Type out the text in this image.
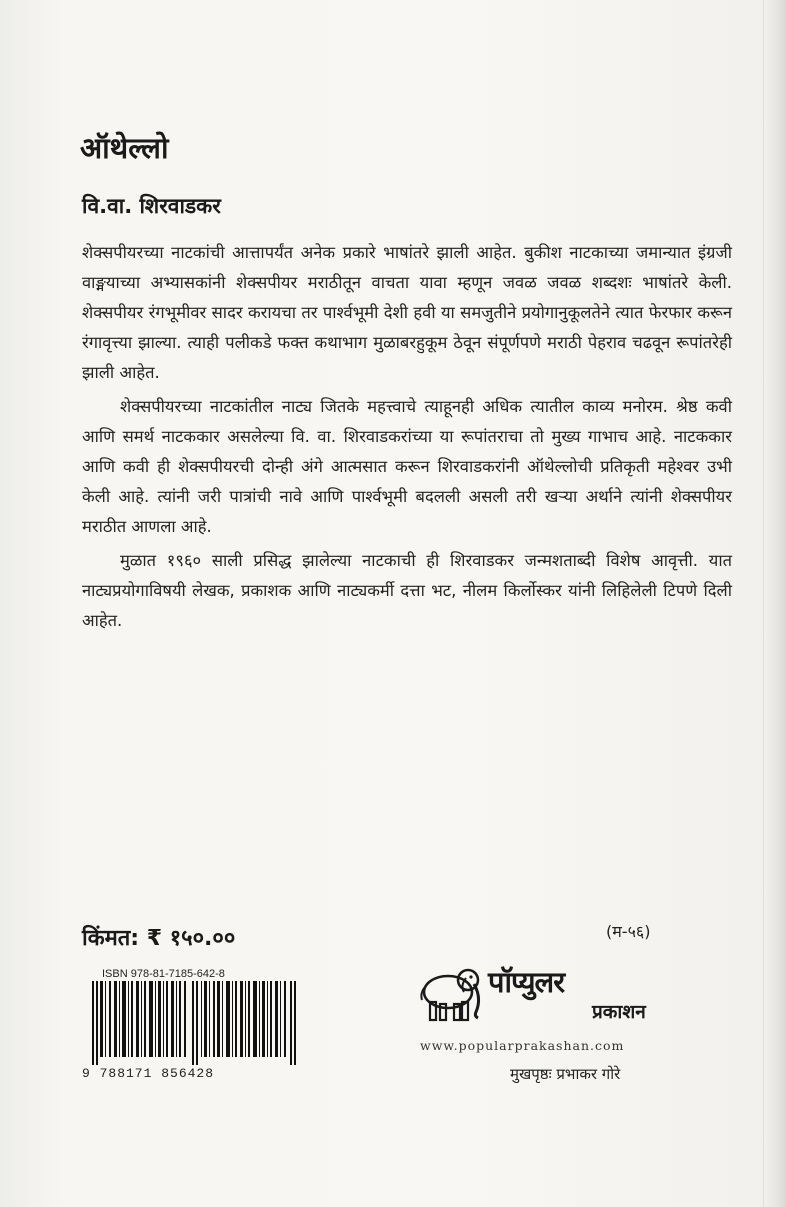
ऑथेल्लो
वि.वा. शिरवाडकर

शेक्सपीयरच्या नाटकांची आत्तापर्यंत अनेक प्रकारे भाषांतरे झाली आहेत. बुकीश नाटकाच्या जमान्यात इंग्रजी वाङ्मयाच्या अभ्यासकांनी शेक्सपीयर मराठीतून वाचता यावा म्हणून जवळ जवळ शब्दशः भाषांतरे केली. शेक्सपीयर रंगभूमीवर सादर करायचा तर पार्श्वभूमी देशी हवी या समजुतीने प्रयोगानुकूलतेने त्यात फेरफार करून रंगावृत्त्या झाल्या. त्याही पलीकडे फक्त कथाभाग मुळाबरहुकूम ठेवून संपूर्णपणे मराठी पेहराव चढवून रूपांतरेही झाली आहेत.

शेक्सपीयरच्या नाटकांतील नाट्य जितके महत्त्वाचे त्याहूनही अधिक त्यातील काव्य मनोरम. श्रेष्ठ कवी आणि समर्थ नाटककार असलेल्या वि. वा. शिरवाडकरांच्या या रूपांतराचा तो मुख्य गाभाच आहे. नाटककार आणि कवी ही शेक्सपीयरची दोन्ही अंगे आत्मसात करून शिरवाडकरांनी ऑथेल्लोची प्रतिकृती महेश्वर उभी केली आहे. त्यांनी जरी पात्रांची नावे आणि पार्श्वभूमी बदलली असली तरी खऱ्या अर्थाने त्यांनी शेक्सपीयर मराठीत आणला आहे.

मुळात १९६० साली प्रसिद्ध झालेल्या नाटकाची ही शिरवाडकर जन्मशताब्दी विशेष आवृत्ती. यात नाट्यप्रयोगाविषयी लेखक, प्रकाशक आणि नाट्यकर्मी दत्ता भट, नीलम किर्लोस्कर यांनी लिहिलेली टिपणे दिली आहेत.

किंमत: ₹ १५०.००	(म-५६)
ISBN 978-81-7185-642-8
9 788171 856428
पॉप्युलर
प्रकाशन
www.popularprakashan.com
मुखपृष्ठः प्रभाकर गोरे
